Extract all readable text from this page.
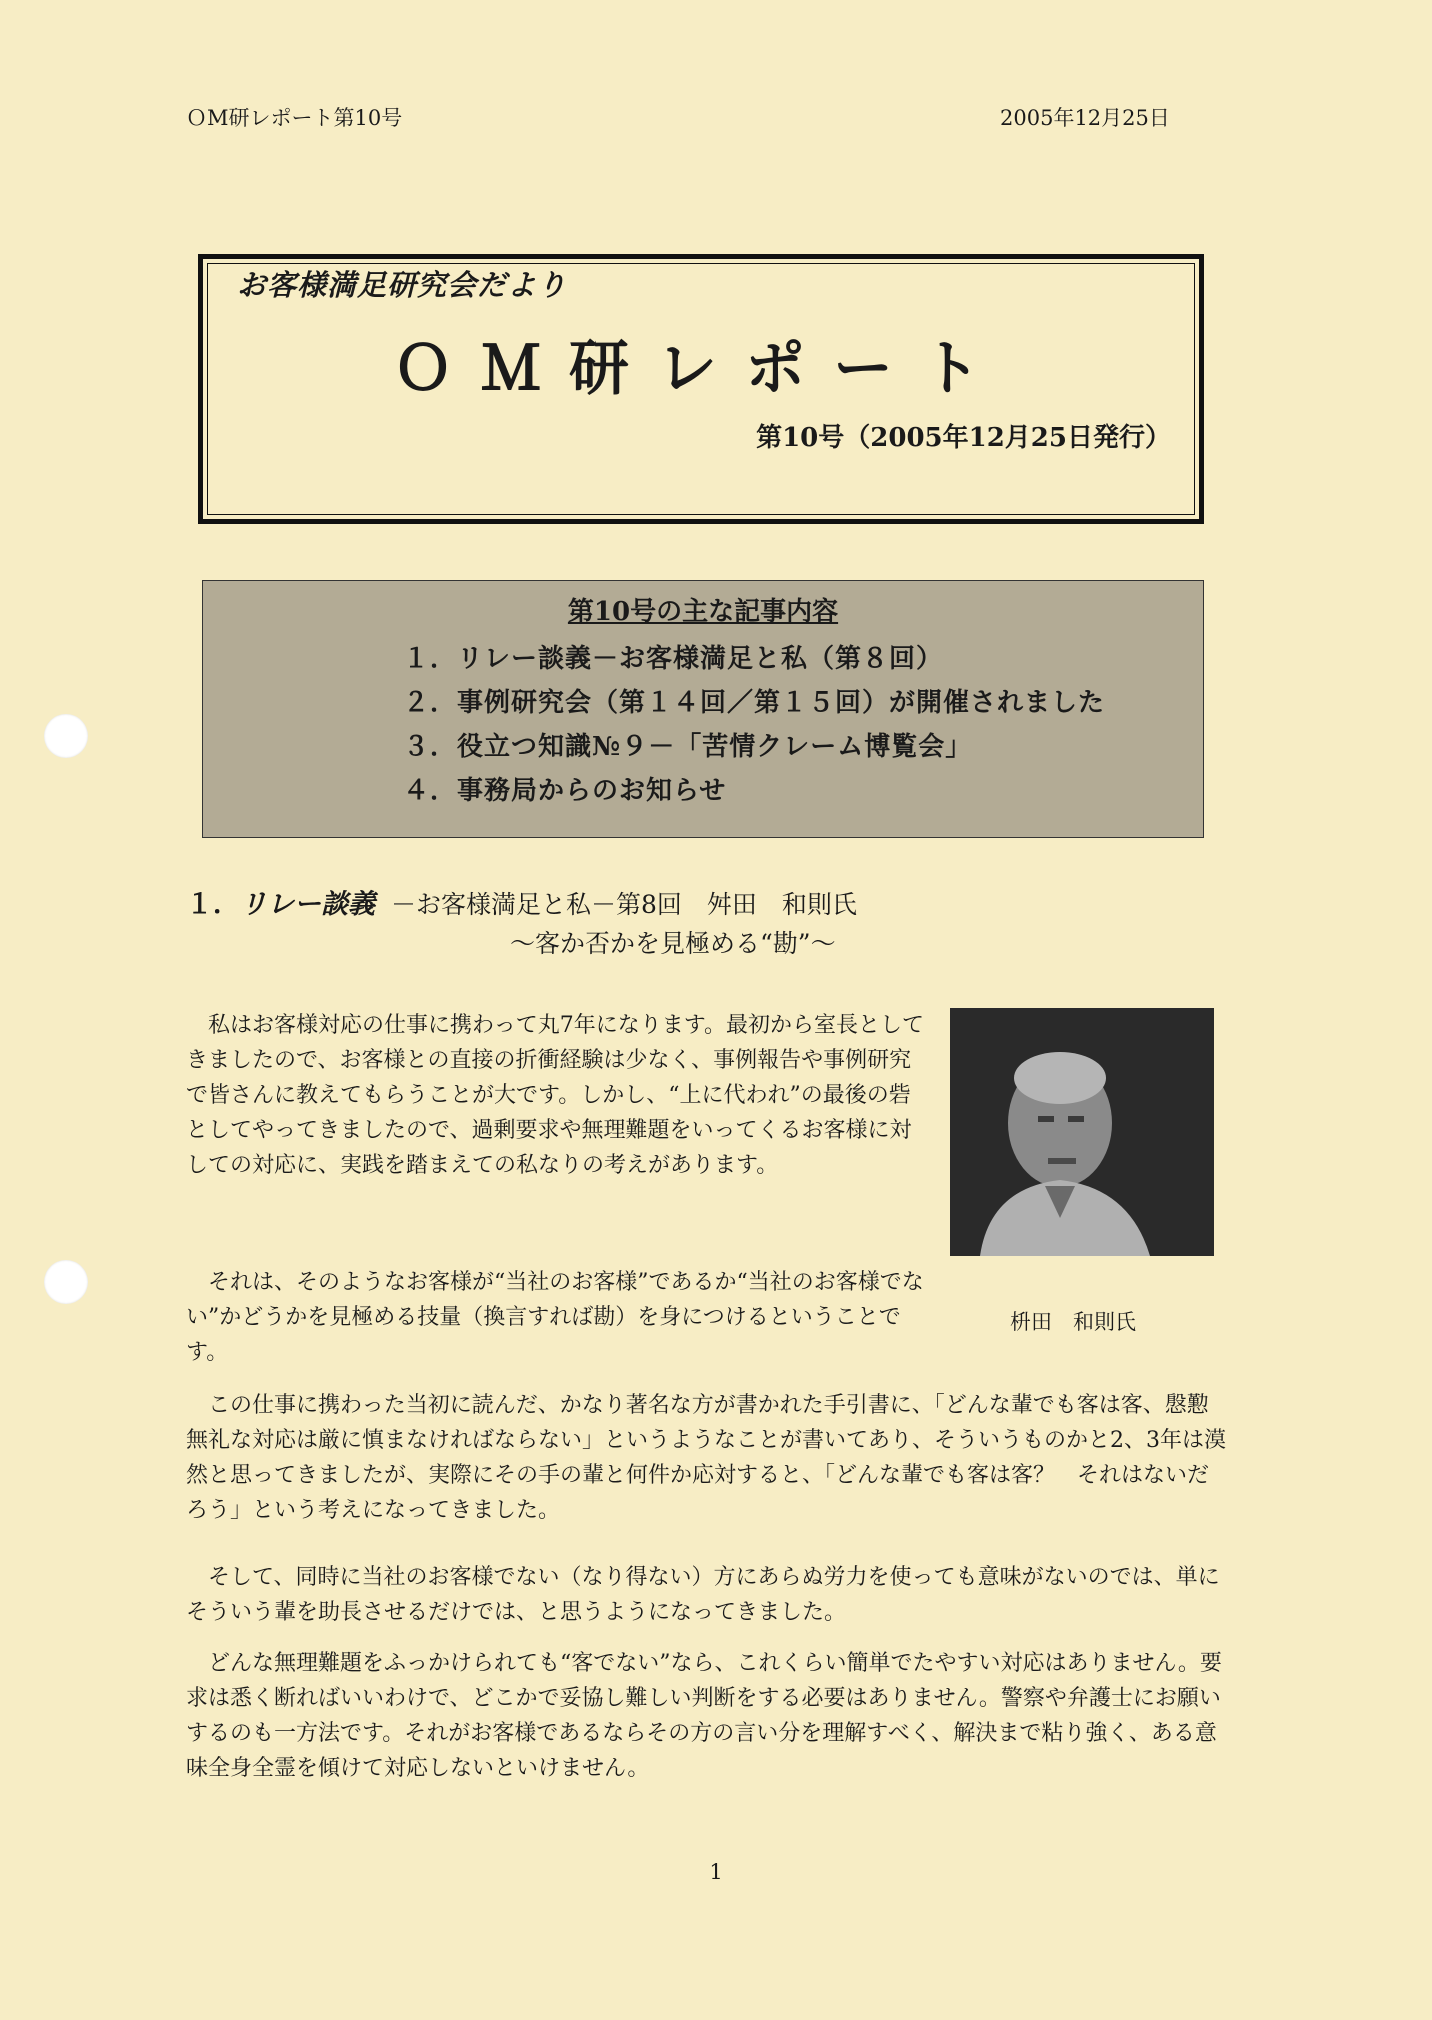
ＯM研レポート第10号	2005年12月25日
お客様満足研究会だより
ＯＭ研レポート
第10号（2005年12月25日発行）
第10号の主な記事内容
１．リレー談義－お客様満足と私（第８回）
２．事例研究会（第１４回／第１５回）が開催されました
３．役立つ知識№９－「苦情クレーム博覧会」
４．事務局からのお知らせ
１．リレー談義 －お客様満足と私－第8回　舛田　和則氏
～客か否かを見極める“勘”～

　私はお客様対応の仕事に携わって丸7年になります。最初から室長としてきましたので、お客様との直接の折衝経験は少なく、事例報告や事例研究で皆さんに教えてもらうことが大です。しかし、“上に代われ”の最後の砦としてやってきましたので、過剰要求や無理難題をいってくるお客様に対しての対応に、実践を踏まえての私なりの考えがあります。

　それは、そのようなお客様が“当社のお客様”であるか“当社のお客様でない”かどうかを見極める技量（換言すれば勘）を身につけるということです。

枡田　和則氏

　この仕事に携わった当初に読んだ、かなり著名な方が書かれた手引書に、「どんな輩でも客は客、慇懃無礼な対応は厳に慎まなければならない」というようなことが書いてあり、そういうものかと2、3年は漠然と思ってきましたが、実際にその手の輩と何件か応対すると、「どんな輩でも客は客？　それはないだろう」という考えになってきました。

　そして、同時に当社のお客様でない（なり得ない）方にあらぬ労力を使っても意味がないのでは、単にそういう輩を助長させるだけでは、と思うようになってきました。

　どんな無理難題をふっかけられても“客でない”なら、これくらい簡単でたやすい対応はありません。要求は悉く断ればいいわけで、どこかで妥協し難しい判断をする必要はありません。警察や弁護士にお願いするのも一方法です。それがお客様であるならその方の言い分を理解すべく、解決まで粘り強く、ある意味全身全霊を傾けて対応しないといけません。

1
